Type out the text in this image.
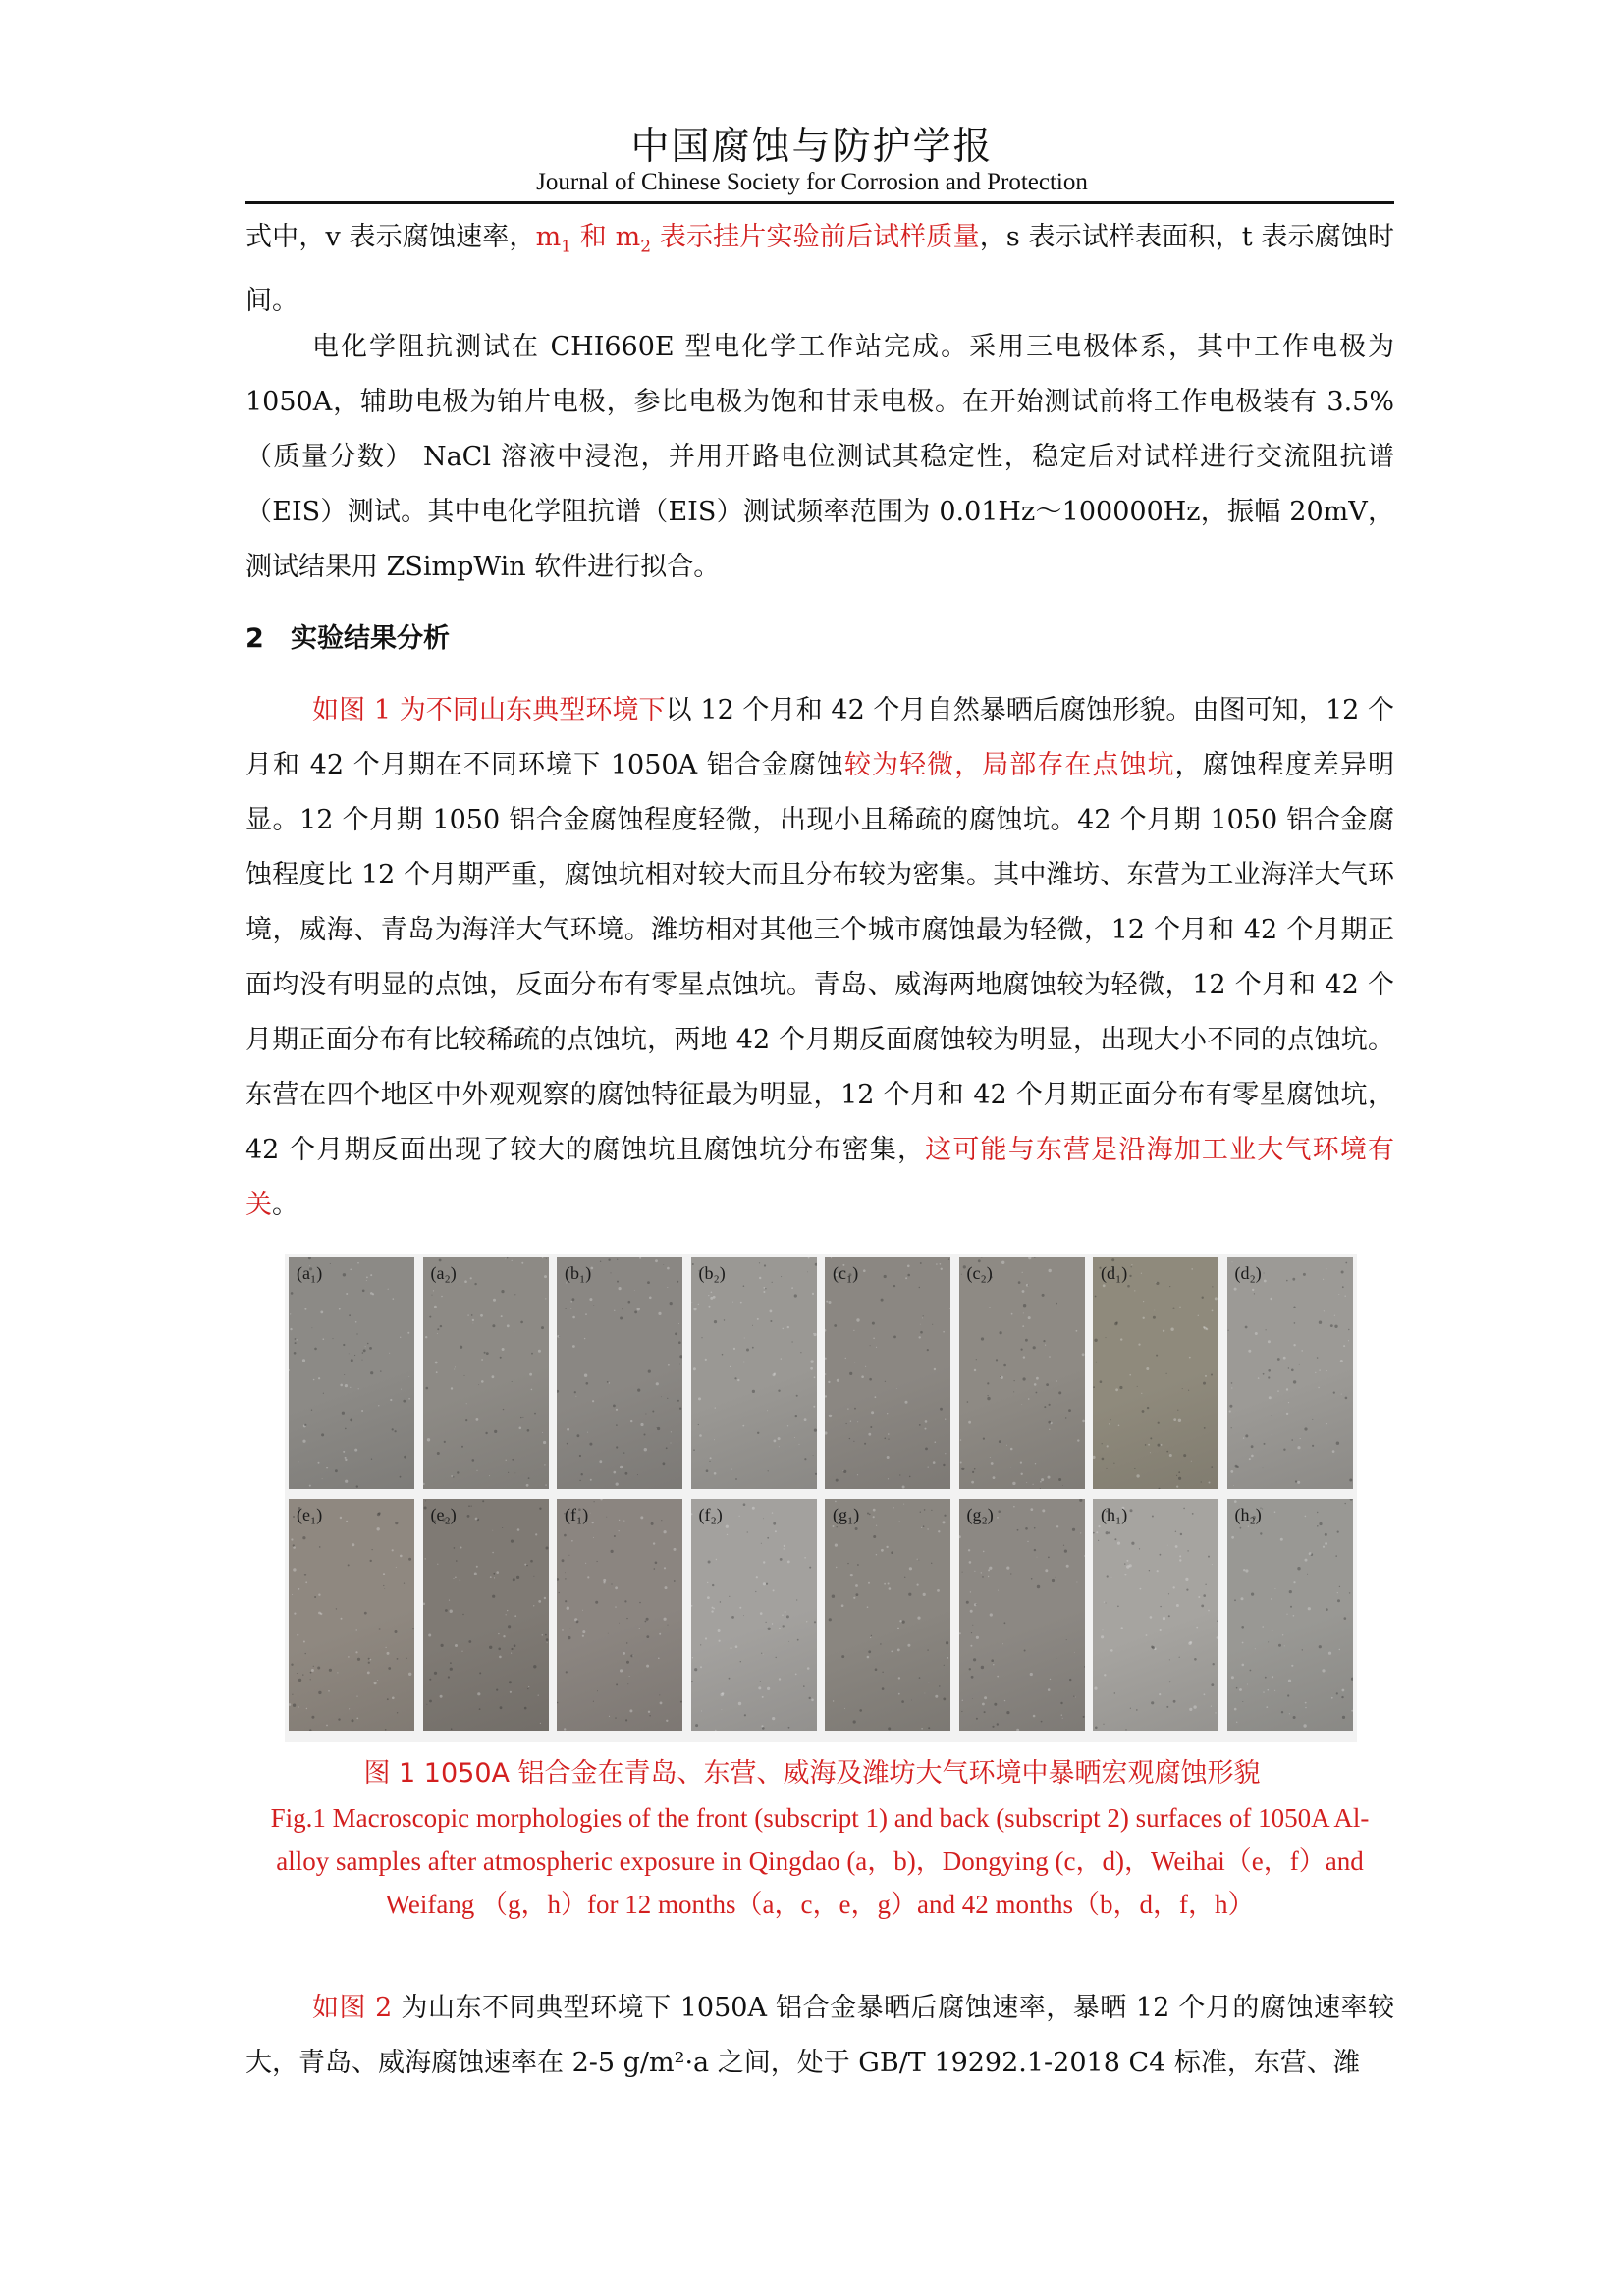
中国腐蚀与防护学报
Journal of Chinese Society for Corrosion and Protection

式中，v 表示腐蚀速率，$m_1$ 和 $m_2$ 表示挂片实验前后试样质量，s 表示试样表面积，t 表示腐蚀时间。

电化学阻抗测试在 CHI660E 型电化学工作站完成。采用三电极体系，其中工作电极为 1050A，辅助电极为铂片电极，参比电极为饱和甘汞电极。在开始测试前将工作电极装有 3.5%（质量分数） NaCl 溶液中浸泡，并用开路电位测试其稳定性，稳定后对试样进行交流阻抗谱（EIS）测试。其中电化学阻抗谱（EIS）测试频率范围为 0.01Hz～100000Hz，振幅 20mV，测试结果用 ZSimpWin 软件进行拟合。

2 实验结果分析

如图 1 为不同山东典型环境下以 12 个月和 42 个月自然暴晒后腐蚀形貌。由图可知，12 个月和 42 个月期在不同环境下 1050A 铝合金腐蚀较为轻微，局部存在点蚀坑，腐蚀程度差异明显。12 个月期 1050 铝合金腐蚀程度轻微，出现小且稀疏的腐蚀坑。42 个月期 1050 铝合金腐蚀程度比 12 个月期严重，腐蚀坑相对较大而且分布较为密集。其中潍坊、东营为工业海洋大气环境，威海、青岛为海洋大气环境。潍坊相对其他三个城市腐蚀最为轻微，12 个月和 42 个月期正面均没有明显的点蚀，反面分布有零星点蚀坑。青岛、威海两地腐蚀较为轻微，12 个月和 42 个月期正面分布有比较稀疏的点蚀坑，两地 42 个月期反面腐蚀较为明显，出现大小不同的点蚀坑。东营在四个地区中外观观察的腐蚀特征最为明显，12 个月和 42 个月期正面分布有零星腐蚀坑，42 个月期反面出现了较大的腐蚀坑且腐蚀坑分布密集，这可能与东营是沿海加工业大气环境有关。

(a₁)	(a₂)	(b₁)	(b₂)	(c₁)	(c₂)	(d₁)	(d₂)
(e₁)	(e₂)	(f₁)	(f₂)	(g₁)	(g₂)	(h₁)	(h₂)
图 1 1050A 铝合金在青岛、东营、威海及潍坊大气环境中暴晒宏观腐蚀形貌

Fig.1 Macroscopic morphologies of the front (subscript 1) and back (subscript 2) surfaces of 1050A Al-alloy samples after atmospheric exposure in Qingdao (a，b)，Dongying (c，d)，Weihai（e，f）and Weifang （g，h）for 12 months（a，c，e，g）and 42 months（b，d，f，h）

如图 2 为山东不同典型环境下 1050A 铝合金暴晒后腐蚀速率，暴晒 12 个月的腐蚀速率较大，青岛、威海腐蚀速率在 2-5 g/m²·a 之间，处于 GB/T 19292.1-2018 C4 标准，东营、潍
